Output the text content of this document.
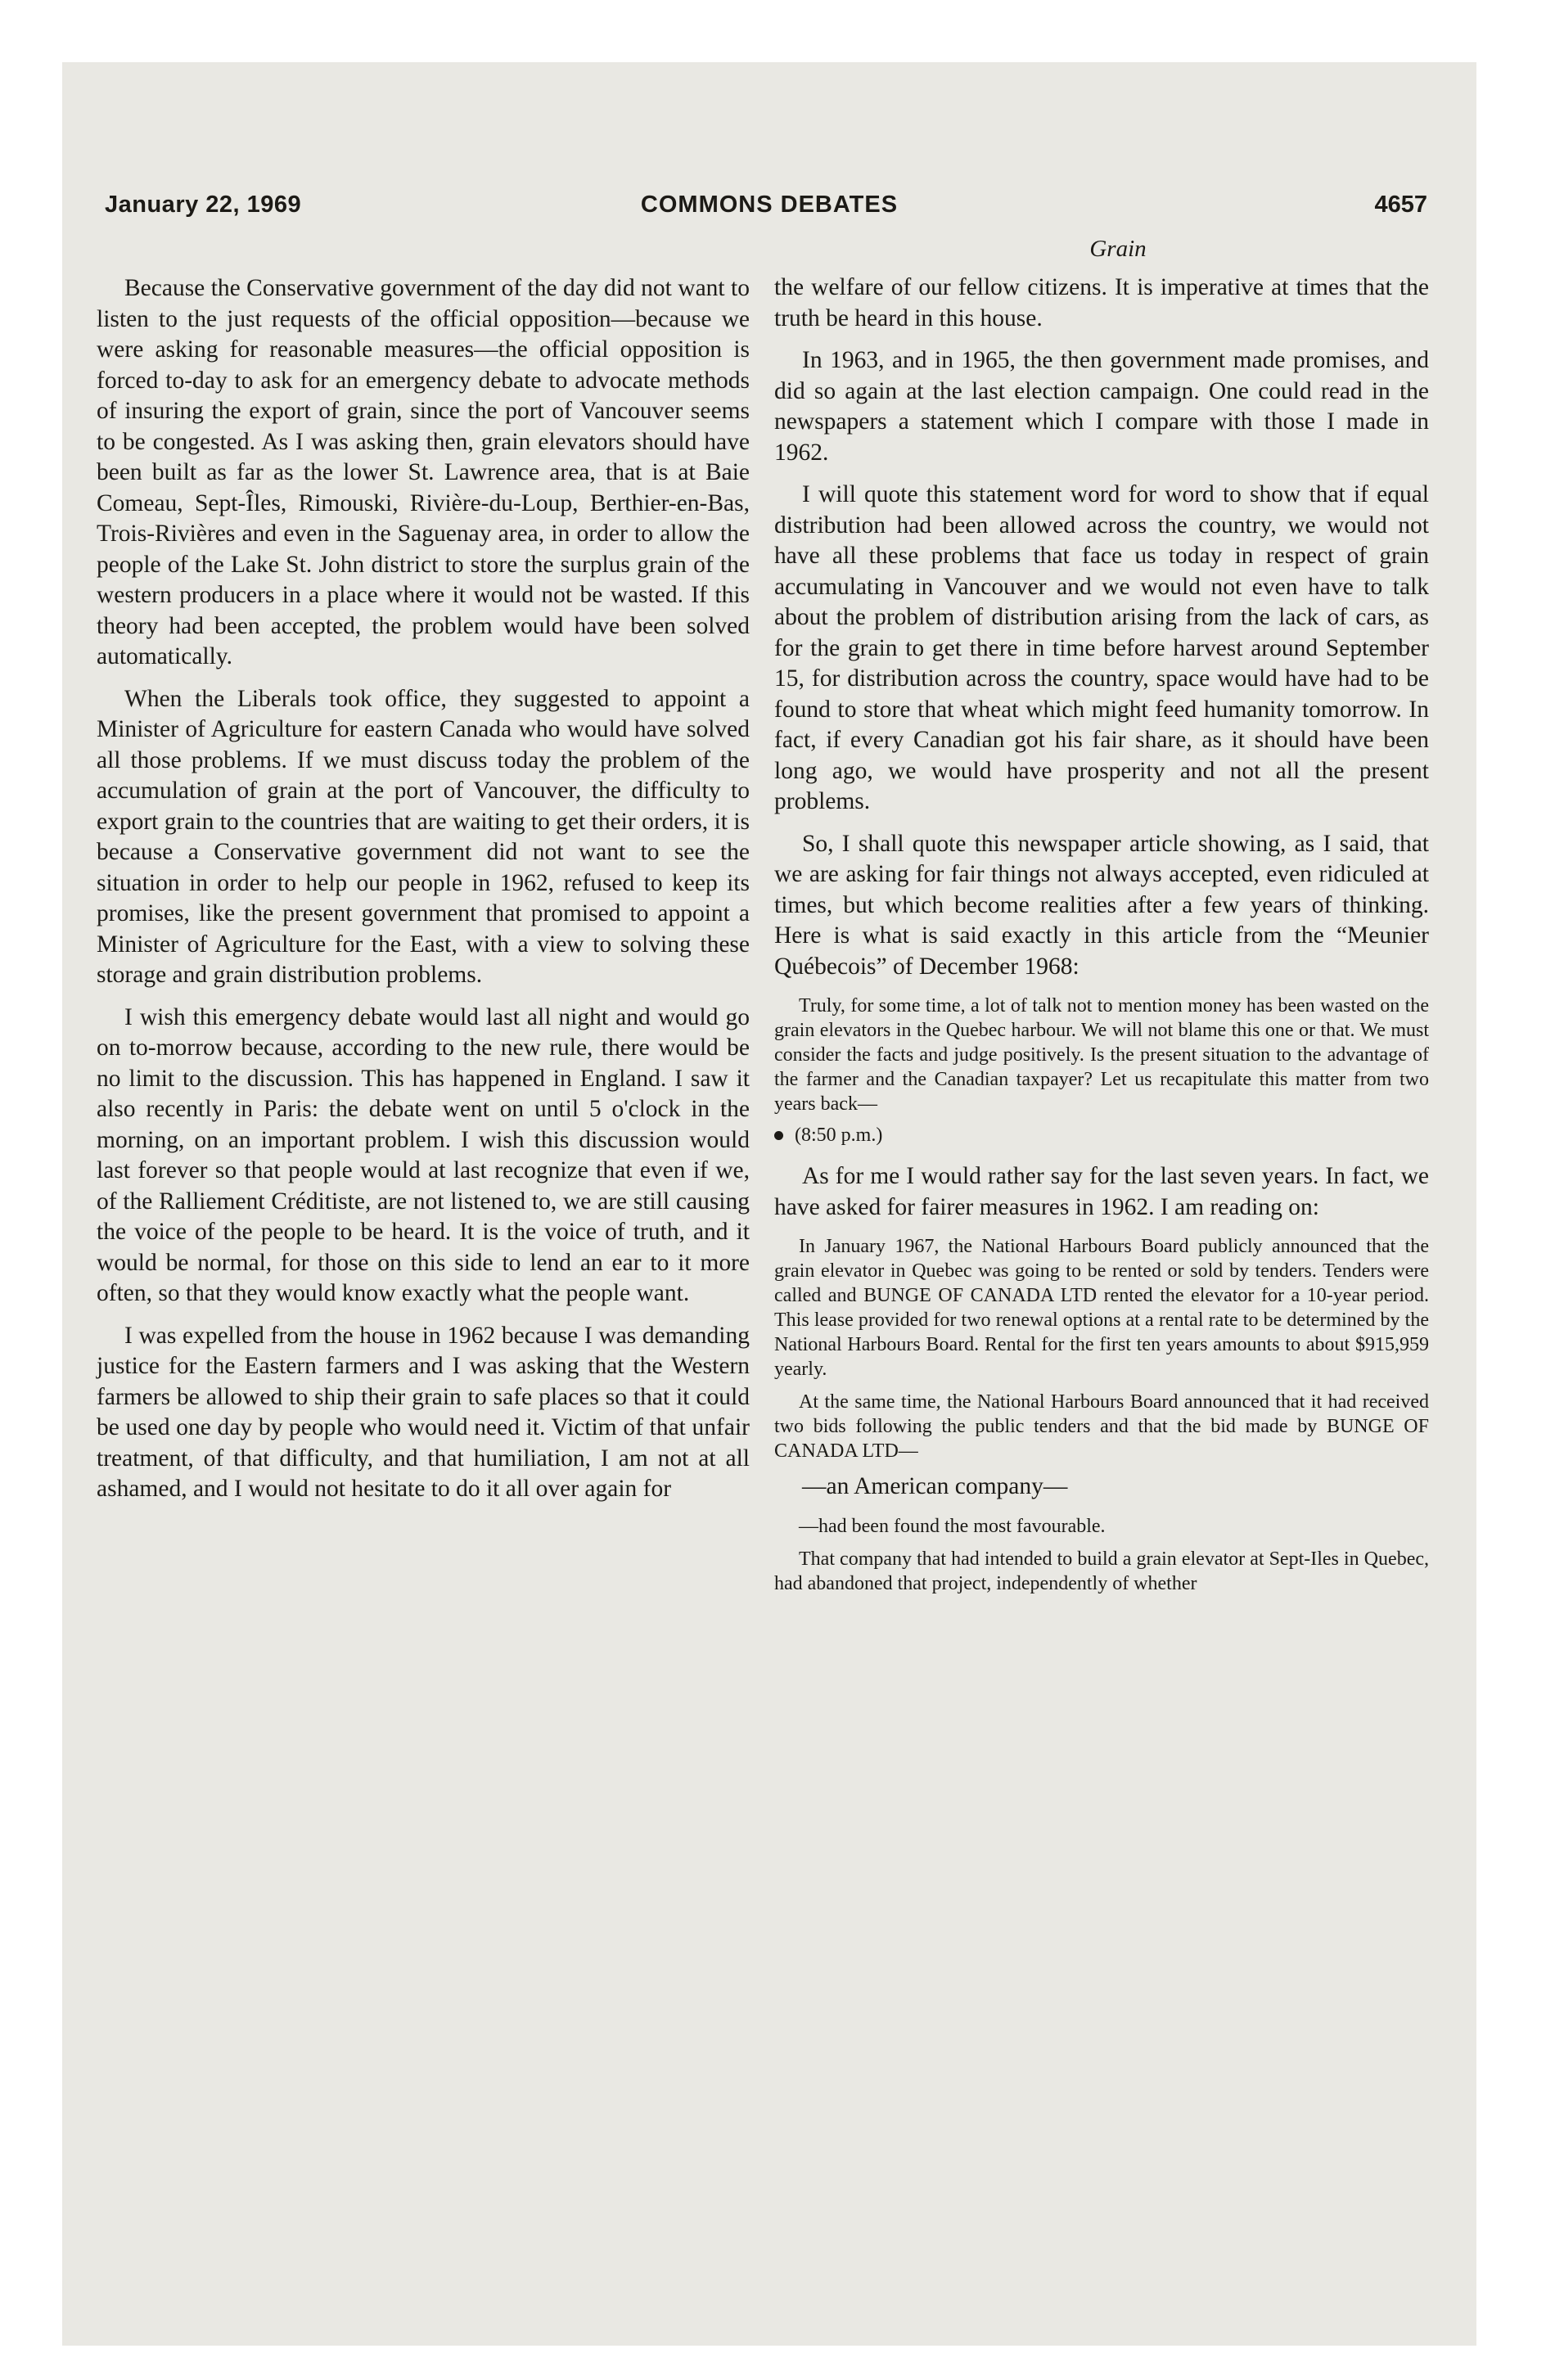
January 22, 1969	COMMONS DEBATES	4657

Because the Conservative government of the day did not want to listen to the just requests of the official opposition—because we were asking for reasonable measures—the official opposition is forced to-day to ask for an emergency debate to advocate methods of insuring the export of grain, since the port of Vancouver seems to be congested. As I was asking then, grain elevators should have been built as far as the lower St. Lawrence area, that is at Baie Comeau, Sept-Îles, Rimouski, Rivière-du-Loup, Berthier-en-Bas, Trois-Rivières and even in the Saguenay area, in order to allow the people of the Lake St. John district to store the surplus grain of the western producers in a place where it would not be wasted. If this theory had been accepted, the problem would have been solved automatically.

When the Liberals took office, they suggested to appoint a Minister of Agriculture for eastern Canada who would have solved all those problems. If we must discuss today the problem of the accumulation of grain at the port of Vancouver, the difficulty to export grain to the countries that are waiting to get their orders, it is because a Conservative government did not want to see the situation in order to help our people in 1962, refused to keep its promises, like the present government that promised to appoint a Minister of Agriculture for the East, with a view to solving these storage and grain distribution problems.

I wish this emergency debate would last all night and would go on to-morrow because, according to the new rule, there would be no limit to the discussion. This has happened in England. I saw it also recently in Paris: the debate went on until 5 o'clock in the morning, on an important problem. I wish this discussion would last forever so that people would at last recognize that even if we, of the Ralliement Créditiste, are not listened to, we are still causing the voice of the people to be heard. It is the voice of truth, and it would be normal, for those on this side to lend an ear to it more often, so that they would know exactly what the people want.

I was expelled from the house in 1962 because I was demanding justice for the Eastern farmers and I was asking that the Western farmers be allowed to ship their grain to safe places so that it could be used one day by people who would need it. Victim of that unfair treatment, of that difficulty, and that humiliation, I am not at all ashamed, and I would not hesitate to do it all over again for

Grain

the welfare of our fellow citizens. It is imperative at times that the truth be heard in this house.

In 1963, and in 1965, the then government made promises, and did so again at the last election campaign. One could read in the newspapers a statement which I compare with those I made in 1962.

I will quote this statement word for word to show that if equal distribution had been allowed across the country, we would not have all these problems that face us today in respect of grain accumulating in Vancouver and we would not even have to talk about the problem of distribution arising from the lack of cars, as for the grain to get there in time before harvest around September 15, for distribution across the country, space would have had to be found to store that wheat which might feed humanity tomorrow. In fact, if every Canadian got his fair share, as it should have been long ago, we would have prosperity and not all the present problems.

So, I shall quote this newspaper article showing, as I said, that we are asking for fair things not always accepted, even ridiculed at times, but which become realities after a few years of thinking. Here is what is said exactly in this article from the “Meunier Québecois” of December 1968:

Truly, for some time, a lot of talk not to mention money has been wasted on the grain elevators in the Quebec harbour. We will not blame this one or that. We must consider the facts and judge positively. Is the present situation to the advantage of the farmer and the Canadian taxpayer? Let us recapitulate this matter from two years back—

(8:50 p.m.)

As for me I would rather say for the last seven years. In fact, we have asked for fairer measures in 1962. I am reading on:

In January 1967, the National Harbours Board publicly announced that the grain elevator in Quebec was going to be rented or sold by tenders. Tenders were called and BUNGE OF CANADA LTD rented the elevator for a 10-year period. This lease provided for two renewal options at a rental rate to be determined by the National Harbours Board. Rental for the first ten years amounts to about $915,959 yearly.

At the same time, the National Harbours Board announced that it had received two bids following the public tenders and that the bid made by BUNGE OF CANADA LTD—

—an American company—

—had been found the most favourable.

That company that had intended to build a grain elevator at Sept-Iles in Quebec, had abandoned that project, independently of whether
